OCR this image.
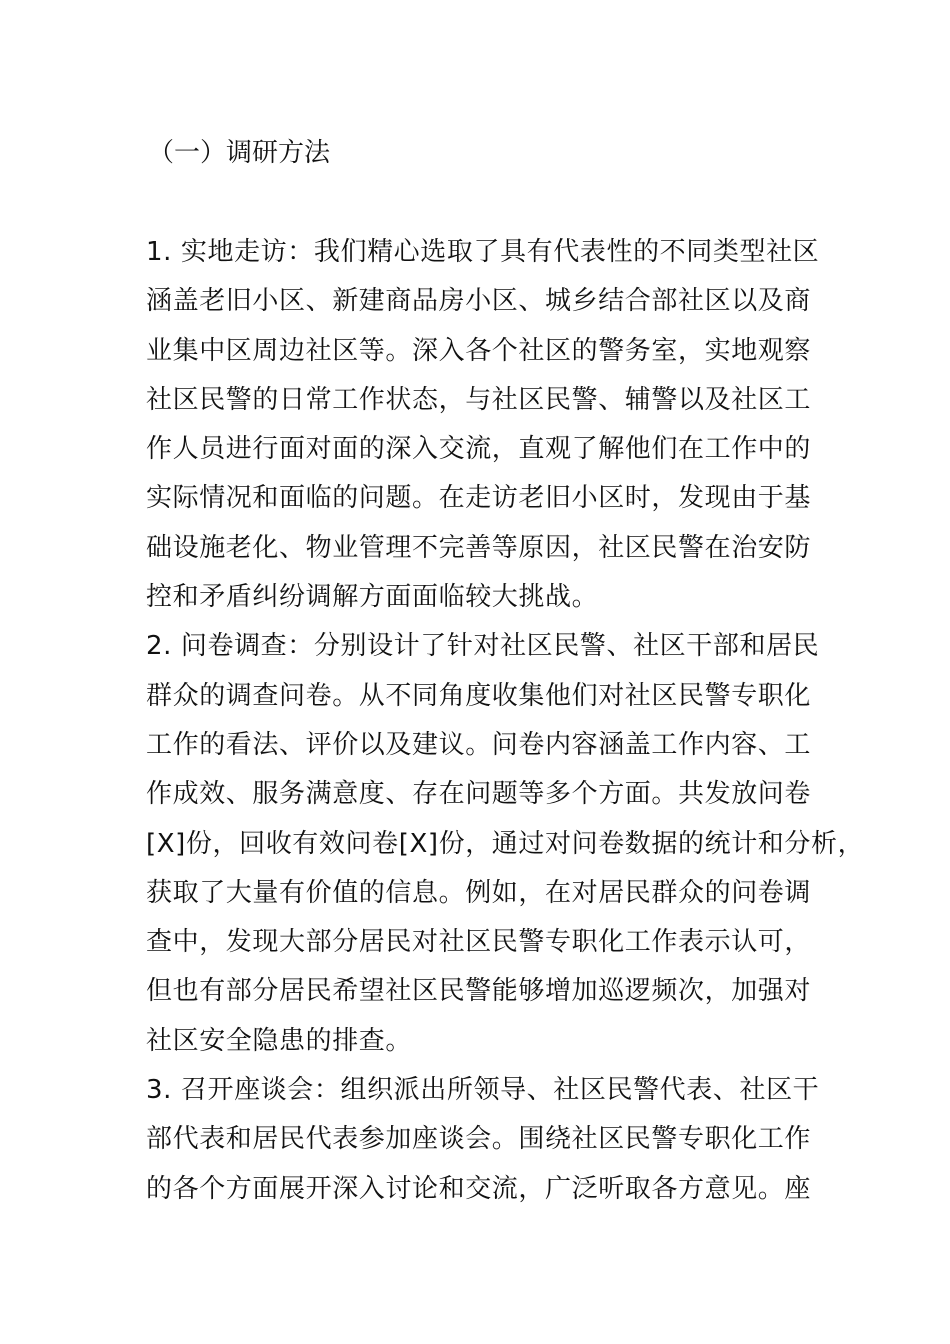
（一）调研方法
1. 实地走访：我们精心选取了具有代表性的不同类型社区
涵盖老旧小区、新建商品房小区、城乡结合部社区以及商
业集中区周边社区等。深入各个社区的警务室，实地观察
社区民警的日常工作状态，与社区民警、辅警以及社区工
作人员进行面对面的深入交流，直观了解他们在工作中的
实际情况和面临的问题。在走访老旧小区时，发现由于基
础设施老化、物业管理不完善等原因，社区民警在治安防
控和矛盾纠纷调解方面面临较大挑战。
2. 问卷调查：分别设计了针对社区民警、社区干部和居民
群众的调查问卷。从不同角度收集他们对社区民警专职化
工作的看法、评价以及建议。问卷内容涵盖工作内容、工
作成效、服务满意度、存在问题等多个方面。共发放问卷
[X]份，回收有效问卷[X]份，通过对问卷数据的统计和分析，
获取了大量有价值的信息。例如，在对居民群众的问卷调
查中，发现大部分居民对社区民警专职化工作表示认可，
但也有部分居民希望社区民警能够增加巡逻频次，加强对
社区安全隐患的排查。
3. 召开座谈会：组织派出所领导、社区民警代表、社区干
部代表和居民代表参加座谈会。围绕社区民警专职化工作
的各个方面展开深入讨论和交流，广泛听取各方意见。座
